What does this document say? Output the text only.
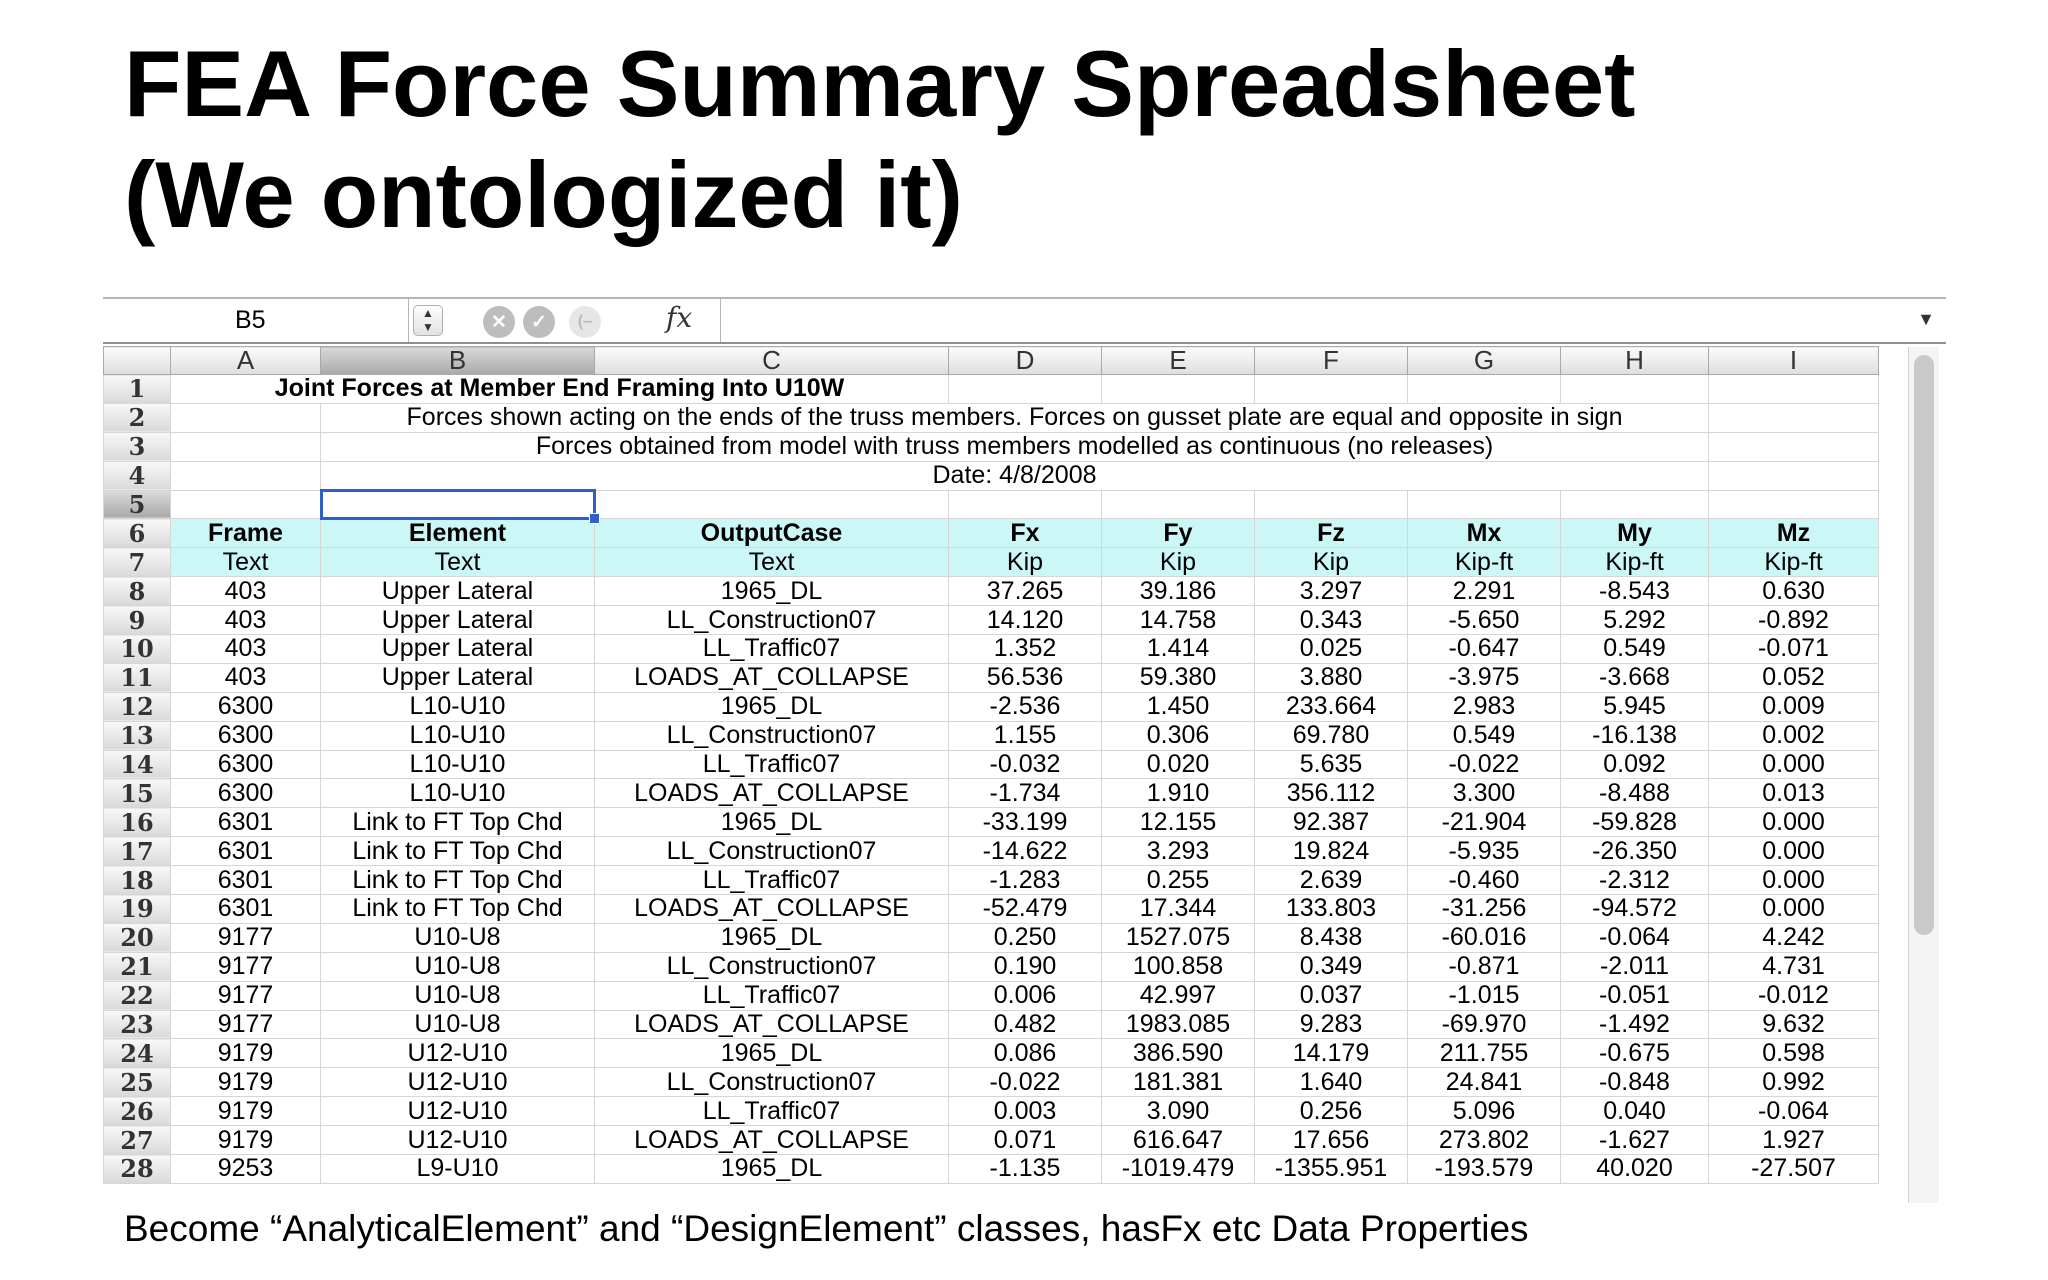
FEA Force Summary Spreadsheet
(We ontologized it)
B5	▲
▼	✕	✓	(‒	fx	▼
	A	B	C	D	E	F	G	H	I
1	Joint Forces at Member End Framing Into U10W								
2		Forces shown acting on the ends of the truss members. Forces on gusset plate are equal and opposite in sign							
3		Forces obtained from model with truss members modelled as continuous (no releases)							
4		Date: 4/8/2008							
5		

6	Frame	Element	OutputCase	Fx	Fy	Fz	Mx	My	Mz
7	Text	Text	Text	Kip	Kip	Kip	Kip-ft	Kip-ft	Kip-ft
8	403	Upper Lateral	1965_DL	37.265	39.186	3.297	2.291	-8.543	0.630
9	403	Upper Lateral	LL_Construction07	14.120	14.758	0.343	-5.650	5.292	-0.892
10	403	Upper Lateral	LL_Traffic07	1.352	1.414	0.025	-0.647	0.549	-0.071
11	403	Upper Lateral	LOADS_AT_COLLAPSE	56.536	59.380	3.880	-3.975	-3.668	0.052
12	6300	L10-U10	1965_DL	-2.536	1.450	233.664	2.983	5.945	0.009
13	6300	L10-U10	LL_Construction07	1.155	0.306	69.780	0.549	-16.138	0.002
14	6300	L10-U10	LL_Traffic07	-0.032	0.020	5.635	-0.022	0.092	0.000
15	6300	L10-U10	LOADS_AT_COLLAPSE	-1.734	1.910	356.112	3.300	-8.488	0.013
16	6301	Link to FT Top Chd	1965_DL	-33.199	12.155	92.387	-21.904	-59.828	0.000
17	6301	Link to FT Top Chd	LL_Construction07	-14.622	3.293	19.824	-5.935	-26.350	0.000
18	6301	Link to FT Top Chd	LL_Traffic07	-1.283	0.255	2.639	-0.460	-2.312	0.000
19	6301	Link to FT Top Chd	LOADS_AT_COLLAPSE	-52.479	17.344	133.803	-31.256	-94.572	0.000
20	9177	U10-U8	1965_DL	0.250	1527.075	8.438	-60.016	-0.064	4.242
21	9177	U10-U8	LL_Construction07	0.190	100.858	0.349	-0.871	-2.011	4.731
22	9177	U10-U8	LL_Traffic07	0.006	42.997	0.037	-1.015	-0.051	-0.012
23	9177	U10-U8	LOADS_AT_COLLAPSE	0.482	1983.085	9.283	-69.970	-1.492	9.632
24	9179	U12-U10	1965_DL	0.086	386.590	14.179	211.755	-0.675	0.598
25	9179	U12-U10	LL_Construction07	-0.022	181.381	1.640	24.841	-0.848	0.992
26	9179	U12-U10	LL_Traffic07	0.003	3.090	0.256	5.096	0.040	-0.064
27	9179	U12-U10	LOADS_AT_COLLAPSE	0.071	616.647	17.656	273.802	-1.627	1.927
28	9253	L9-U10	1965_DL	-1.135	-1019.479	-1355.951	-193.579	40.020	-27.507
Become “AnalyticalElement” and “DesignElement” classes, hasFx etc Data Properties
